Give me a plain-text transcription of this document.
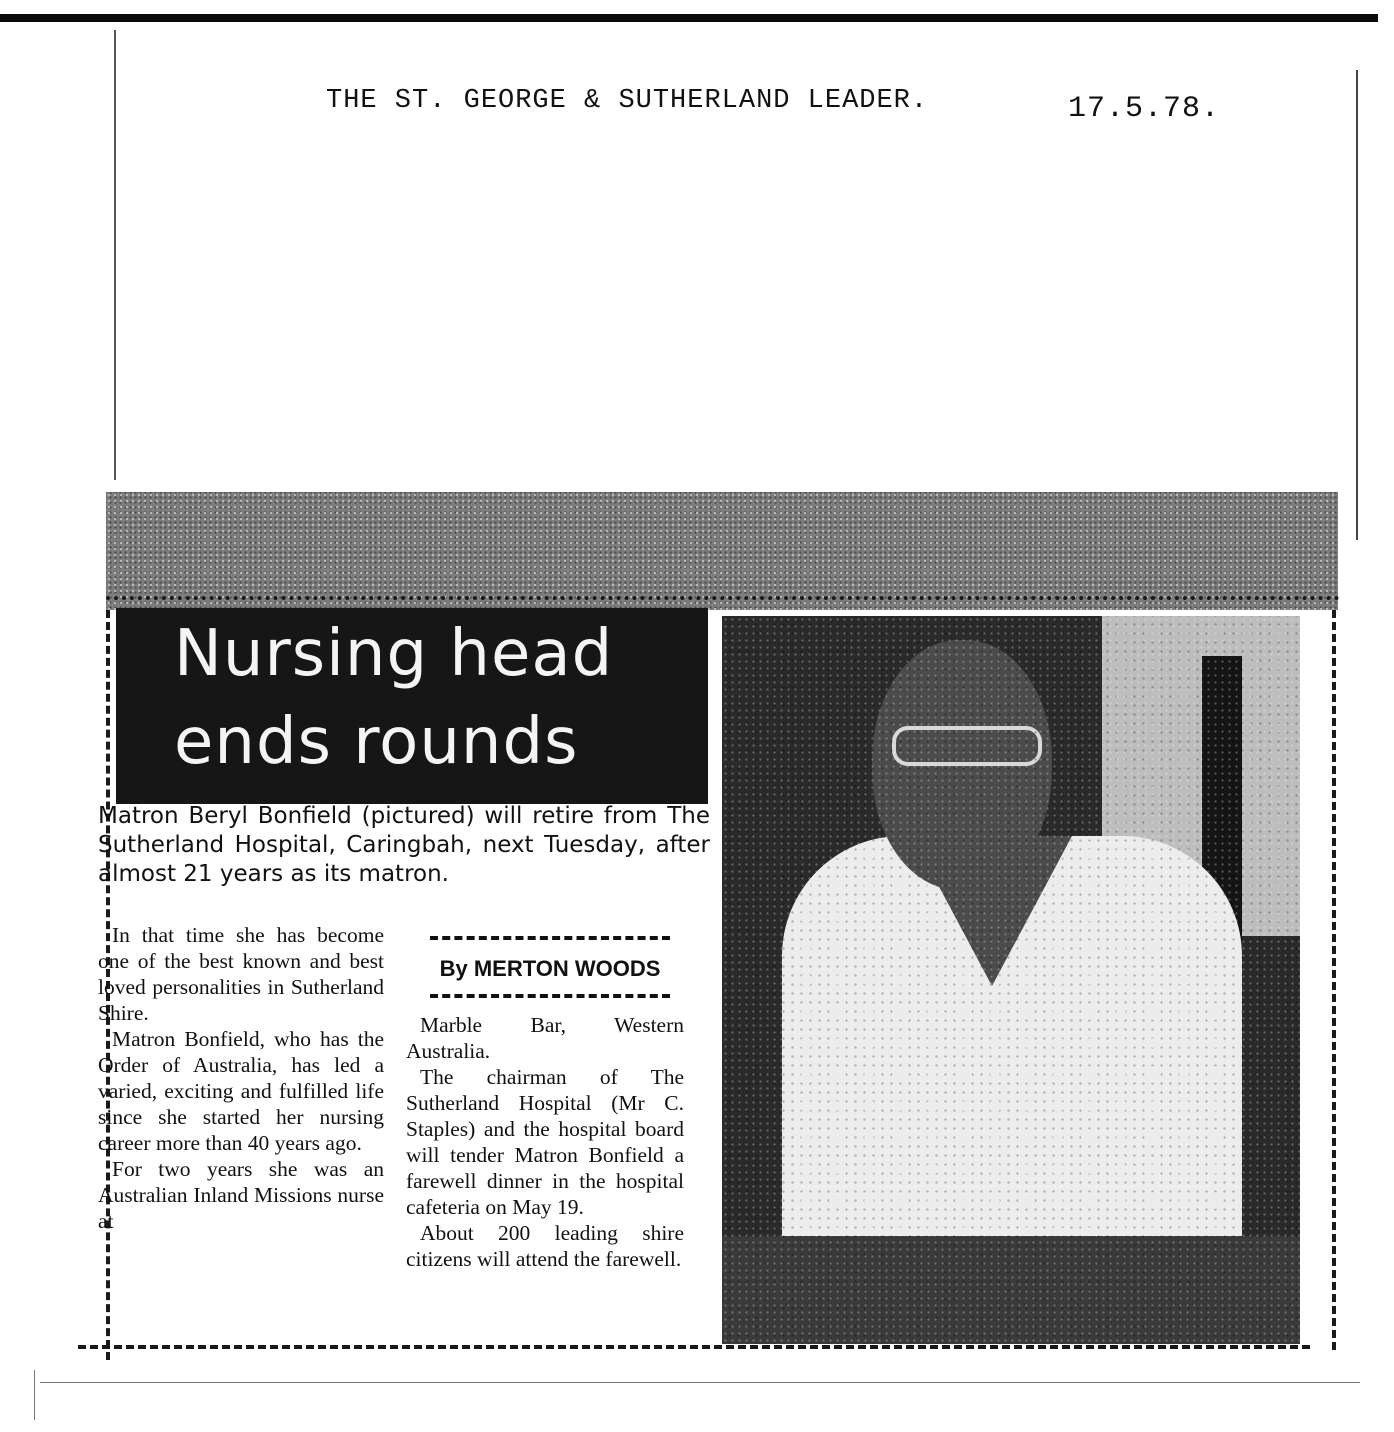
THE ST. GEORGE & SUTHERLAND LEADER.	17.5.78.
Nursing head
ends rounds

Matron Beryl Bonfield (pictured) will retire from The Sutherland Hospital, Caringbah, next Tuesday, after almost 21 years as its matron.

In that time she has become one of the best known and best loved personalities in Sutherland Shire.

Matron Bonfield, who has the Order of Australia, has led a varied, exciting and fulfilled life since she started her nursing career more than 40 years ago.

For two years she was an Australian Inland Missions nurse at

By MERTON WOODS

Marble Bar, Western Australia.

The chairman of The Sutherland Hospital (Mr C. Staples) and the hospital board will tender Matron Bonfield a farewell dinner in the hospital cafeteria on May 19.

About 200 leading shire citizens will attend the farewell.
